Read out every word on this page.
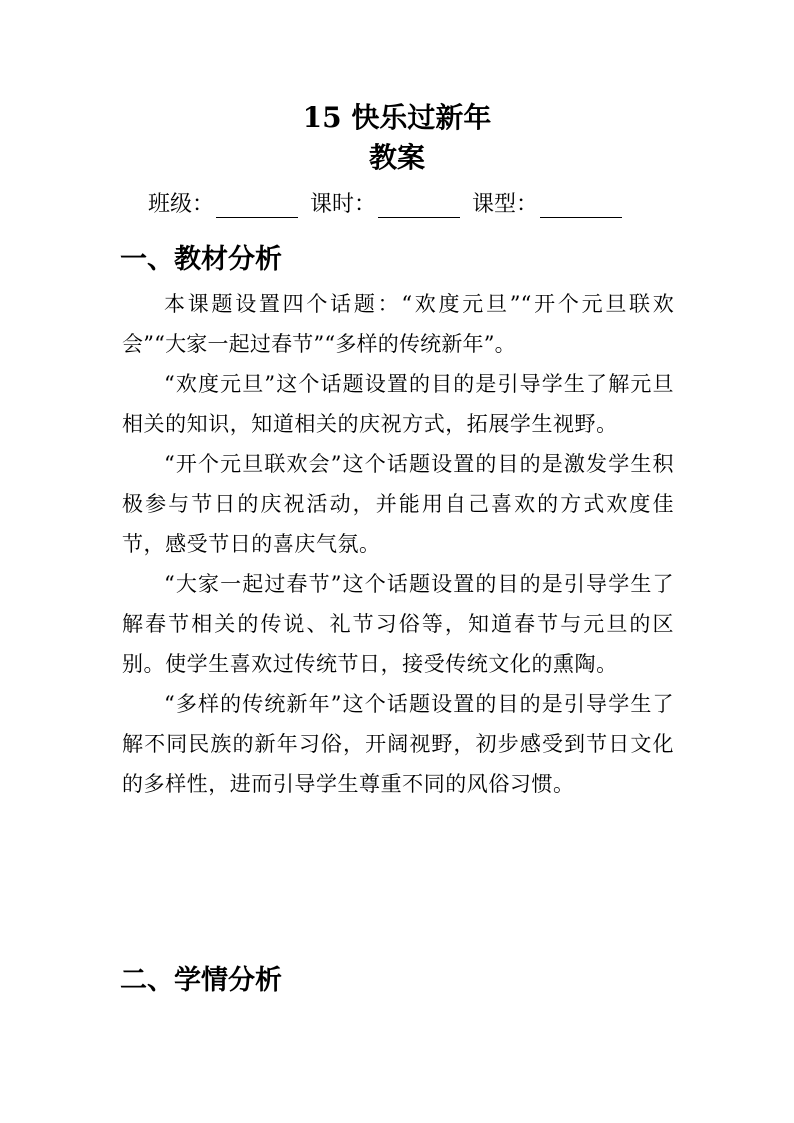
15 快乐过新年
教案
班级：	课时：	课型：
一、教材分析

本课题设置四个话题：“欢度元旦”“开个元旦联欢会”“大家一起过春节”“多样的传统新年”。

“欢度元旦”这个话题设置的目的是引导学生了解元旦相关的知识，知道相关的庆祝方式，拓展学生视野。

“开个元旦联欢会”这个话题设置的目的是激发学生积极参与节日的庆祝活动，并能用自己喜欢的方式欢度佳节，感受节日的喜庆气氛。

“大家一起过春节”这个话题设置的目的是引导学生了解春节相关的传说、礼节习俗等，知道春节与元旦的区别。使学生喜欢过传统节日，接受传统文化的熏陶。

“多样的传统新年”这个话题设置的目的是引导学生了解不同民族的新年习俗，开阔视野，初步感受到节日文化的多样性，进而引导学生尊重不同的风俗习惯。

二、学情分析
